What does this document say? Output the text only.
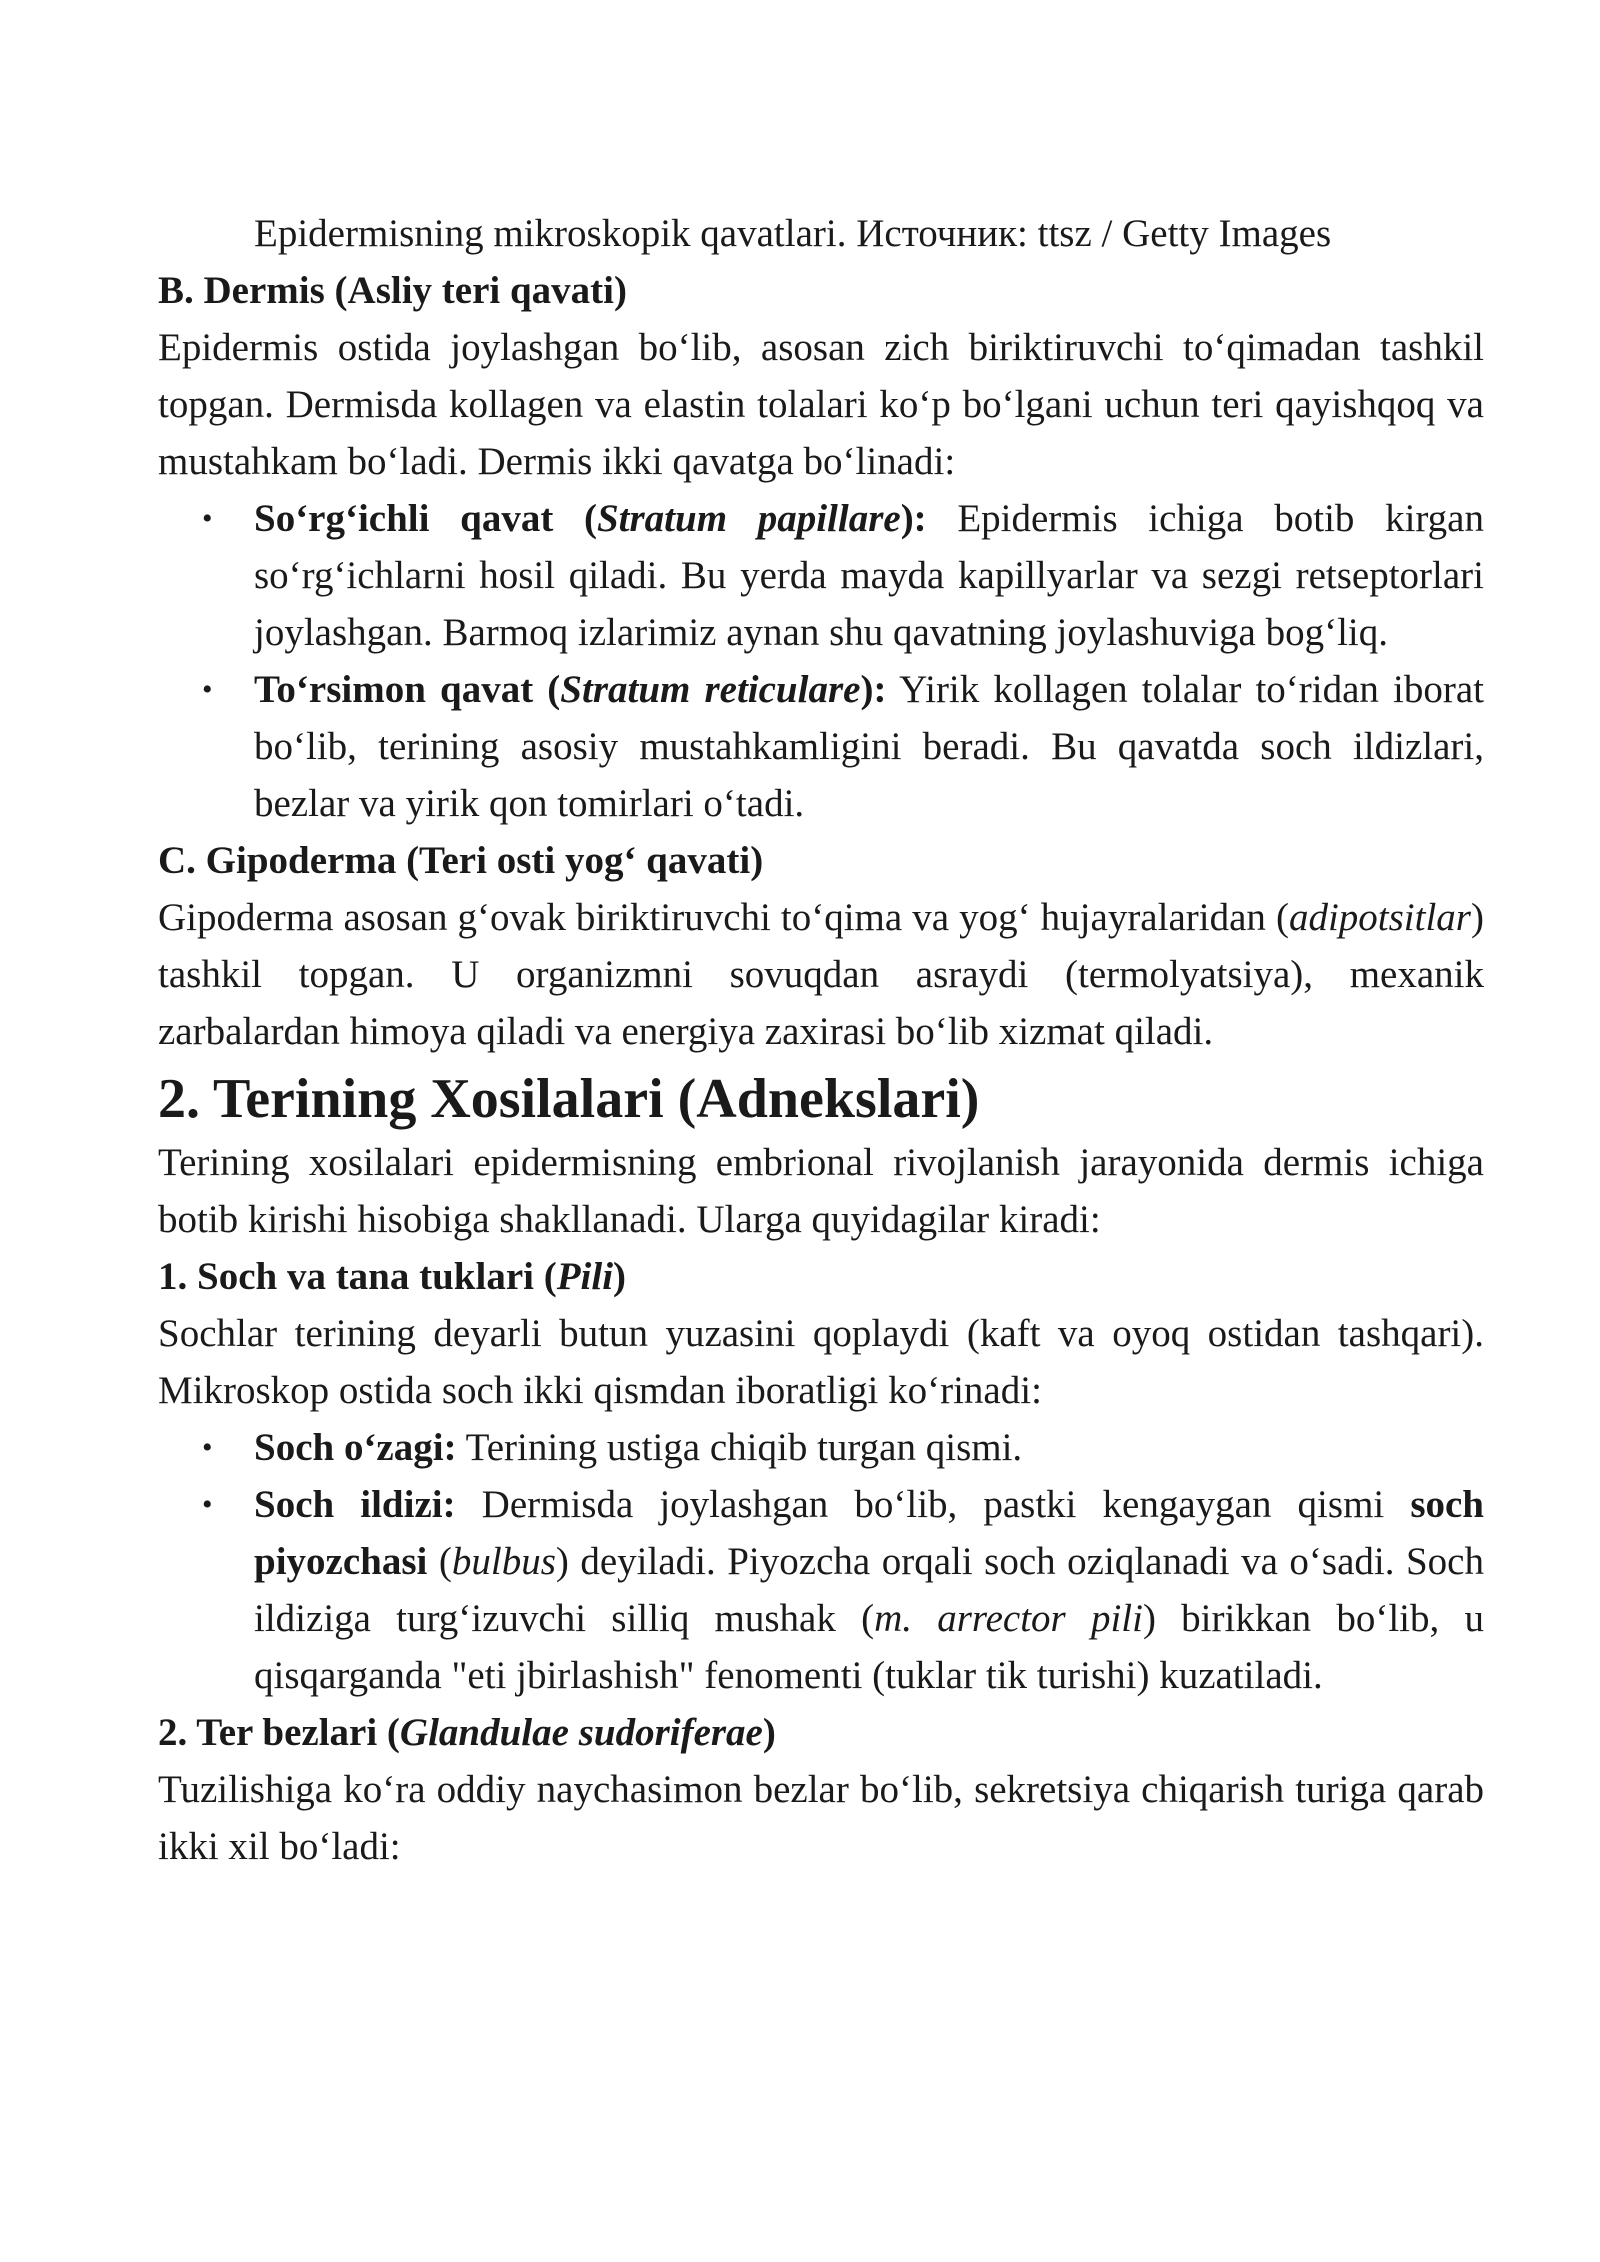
Epidermisning mikroskopik qavatlari. Источник: ttsz / Getty Images

B. Dermis (Asliy teri qavati)

Epidermis ostida joylashgan bo‘lib, asosan zich biriktiruvchi to‘qimadan tashkil topgan. Dermisda kollagen va elastin tolalari ko‘p bo‘lgani uchun teri qayishqoq va mustahkam bo‘ladi. Dermis ikki qavatga bo‘linadi:

• So‘rg‘ichli qavat (Stratum papillare): Epidermis ichiga botib kirgan so‘rg‘ichlarni hosil qiladi. Bu yerda mayda kapillyarlar va sezgi retseptorlari joylashgan. Barmoq izlarimiz aynan shu qavatning joylashuviga bog‘liq.
• To‘rsimon qavat (Stratum reticulare): Yirik kollagen tolalar to‘ridan iborat bo‘lib, terining asosiy mustahkamligini beradi. Bu qavatda soch ildizlari, bezlar va yirik qon tomirlari o‘tadi.

C. Gipoderma (Teri osti yog‘ qavati)

Gipoderma asosan g‘ovak biriktiruvchi to‘qima va yog‘ hujayralaridan (adipotsitlar) tashkil topgan. U organizmni sovuqdan asraydi (termolyatsiya), mexanik zarbalardan himoya qiladi va energiya zaxirasi bo‘lib xizmat qiladi.

2. Terining Xosilalari (Adnekslari)

Terining xosilalari epidermisning embrional rivojlanish jarayonida dermis ichiga botib kirishi hisobiga shakllanadi. Ularga quyidagilar kiradi:

1. Soch va tana tuklari (Pili)

Sochlar terining deyarli butun yuzasini qoplaydi (kaft va oyoq ostidan tashqari). Mikroskop ostida soch ikki qismdan iboratligi ko‘rinadi:

• Soch o‘zagi: Terining ustiga chiqib turgan qismi.
• Soch ildizi: Dermisda joylashgan bo‘lib, pastki kengaygan qismi soch piyozchasi (bulbus) deyiladi. Piyozcha orqali soch oziqlanadi va o‘sadi. Soch ildiziga turg‘izuvchi silliq mushak (m. arrector pili) birikkan bo‘lib, u qisqarganda "eti jbirlashish" fenomenti (tuklar tik turishi) kuzatiladi.

2. Ter bezlari (Glandulae sudoriferae)

Tuzilishiga ko‘ra oddiy naychasimon bezlar bo‘lib, sekretsiya chiqarish turiga qarab ikki xil bo‘ladi:
